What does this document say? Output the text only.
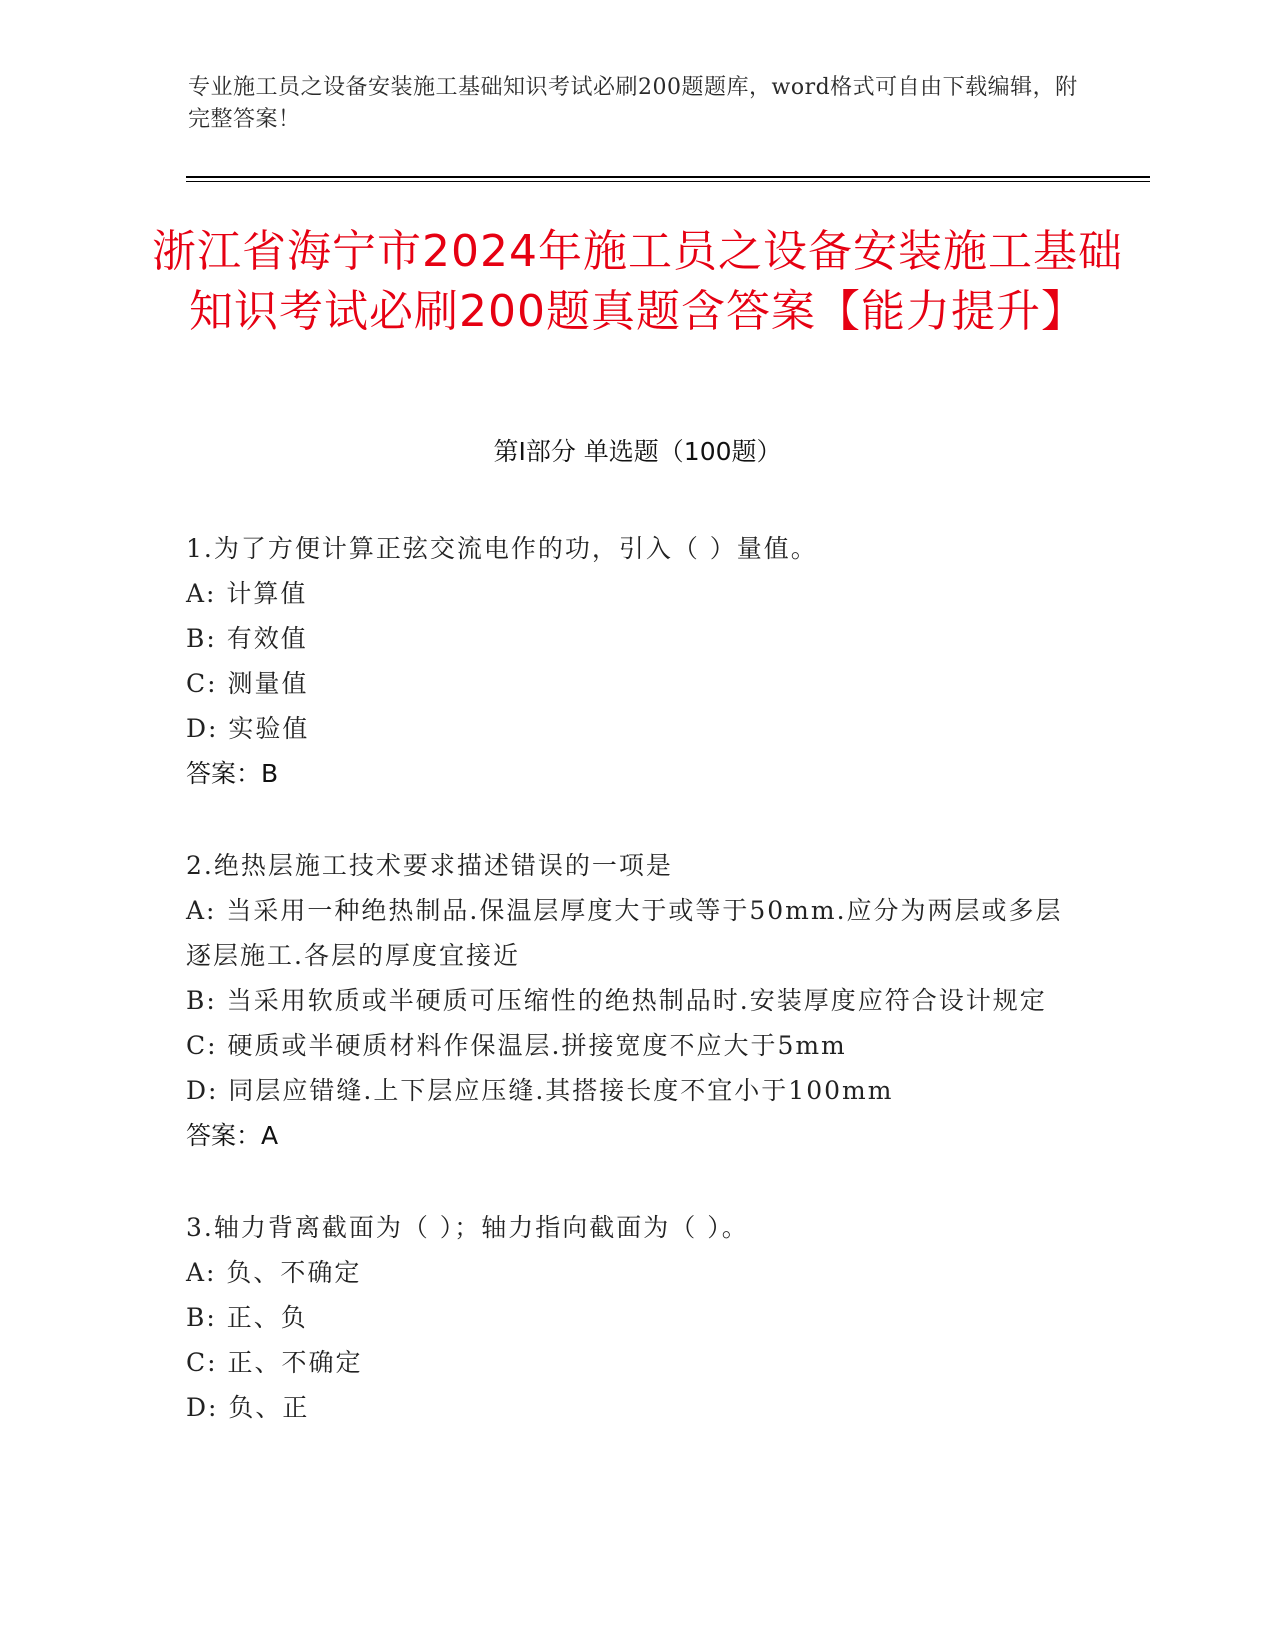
专业施工员之设备安装施工基础知识考试必刷200题题库，word格式可自由下载编辑，附完整答案！
浙江省海宁市2024年施工员之设备安装施工基础知识考试必刷200题真题含答案【能力提升】
第I部分 单选题（100题）
1.为了方便计算正弦交流电作的功，引入（ ）量值。
A: 计算值
B: 有效值
C: 测量值
D: 实验值
答案：B
2.绝热层施工技术要求描述错误的一项是
A: 当采用一种绝热制品.保温层厚度大于或等于50mm.应分为两层或多层逐层施工.各层的厚度宜接近
B: 当采用软质或半硬质可压缩性的绝热制品时.安装厚度应符合设计规定
C: 硬质或半硬质材料作保温层.拼接宽度不应大于5mm
D: 同层应错缝.上下层应压缝.其搭接长度不宜小于100mm
答案：A
3.轴力背离截面为（ ）；轴力指向截面为（ ）。
A: 负、不确定
B: 正、负
C: 正、不确定
D: 负、正
